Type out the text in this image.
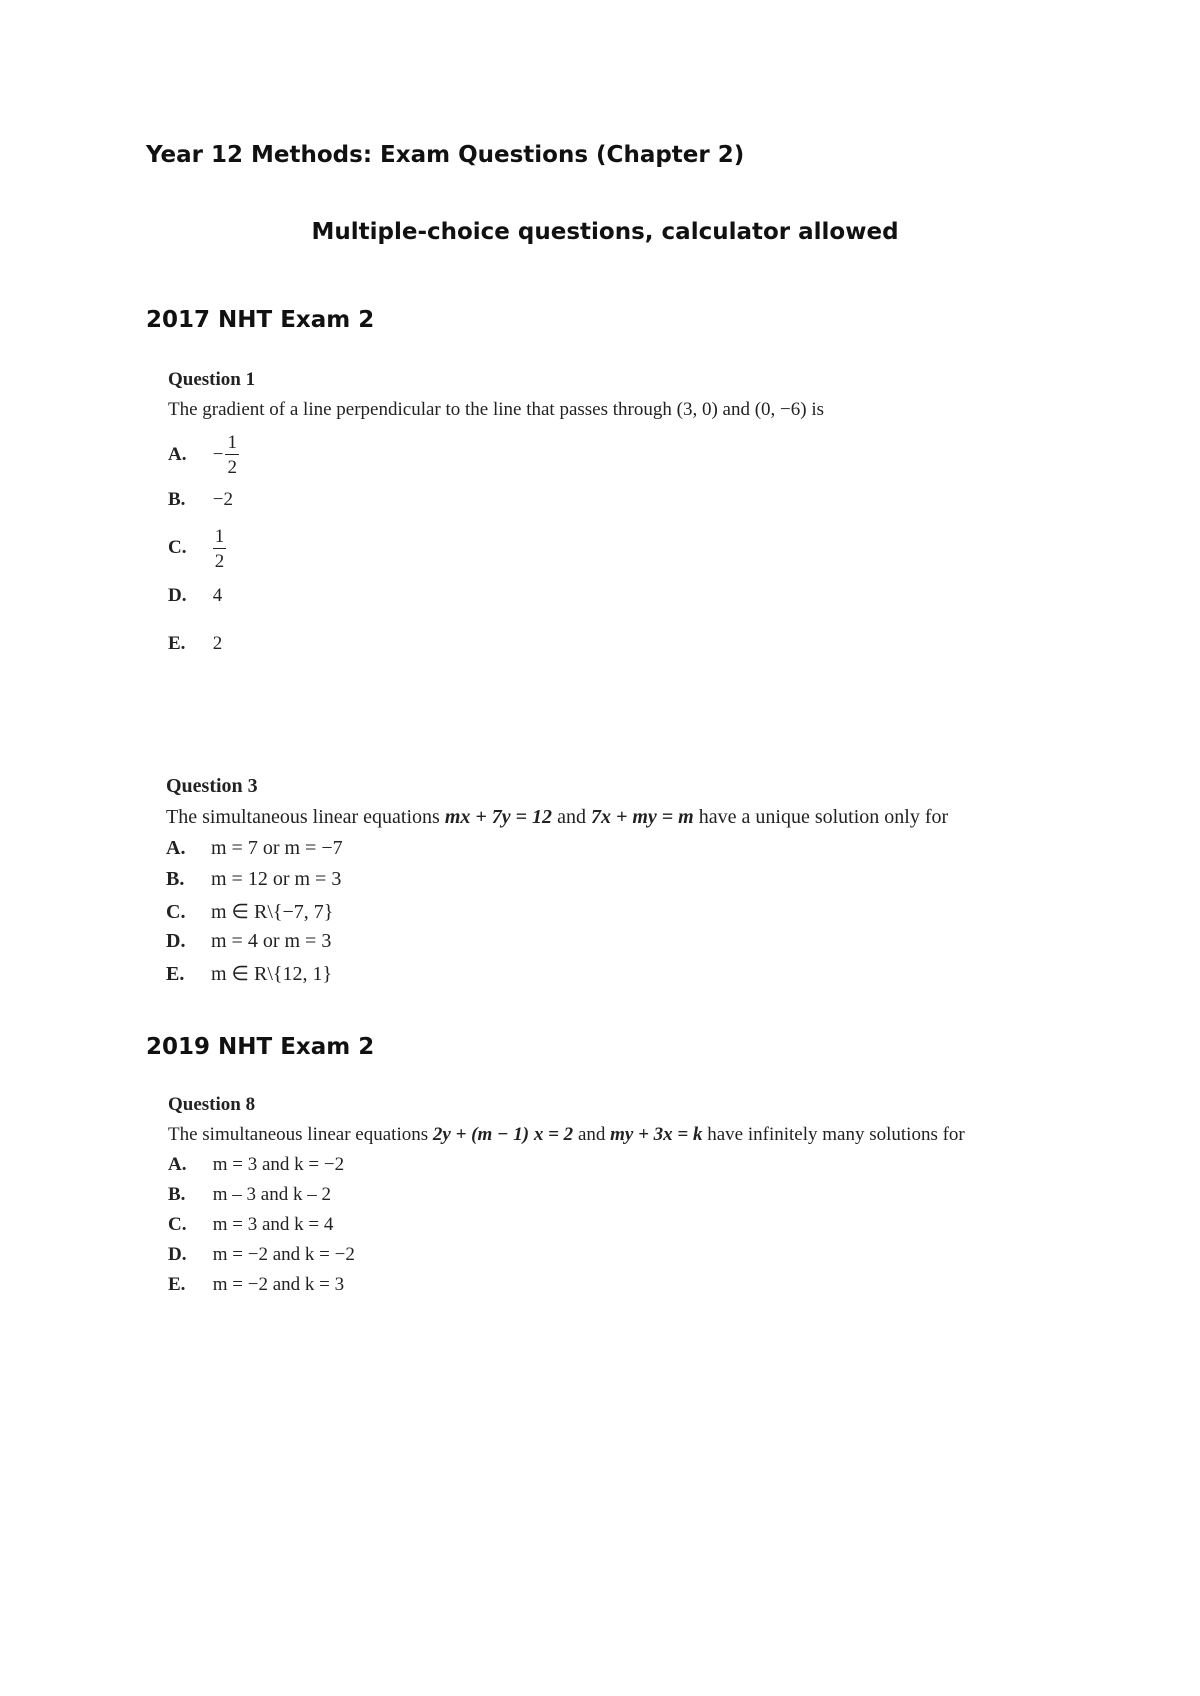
Year 12 Methods: Exam Questions (Chapter 2)
Multiple-choice questions, calculator allowed
2017 NHT Exam 2

Question 1

The gradient of a line perpendicular to the line that passes through (3, 0) and (0, −6) is

A. − $\frac{1}{2}$
B. −2
C. $\frac{1}{2}$
D. 4
E. 2

Question 3

The simultaneous linear equations mx + 7y = 12 and 7x + my = m have a unique solution only for

A. m = 7 or m = −7
B. m = 12 or m = 3
C. m ∈ R\{−7, 7}
D. m = 4 or m = 3
E. m ∈ R\{12, 1}
2019 NHT Exam 2

Question 8

The simultaneous linear equations 2y + (m − 1) x = 2 and my + 3x = k have infinitely many solutions for

A. m = 3 and k = −2
B. m – 3 and k – 2
C. m = 3 and k = 4
D. m = −2 and k = −2
E. m = −2 and k = 3
